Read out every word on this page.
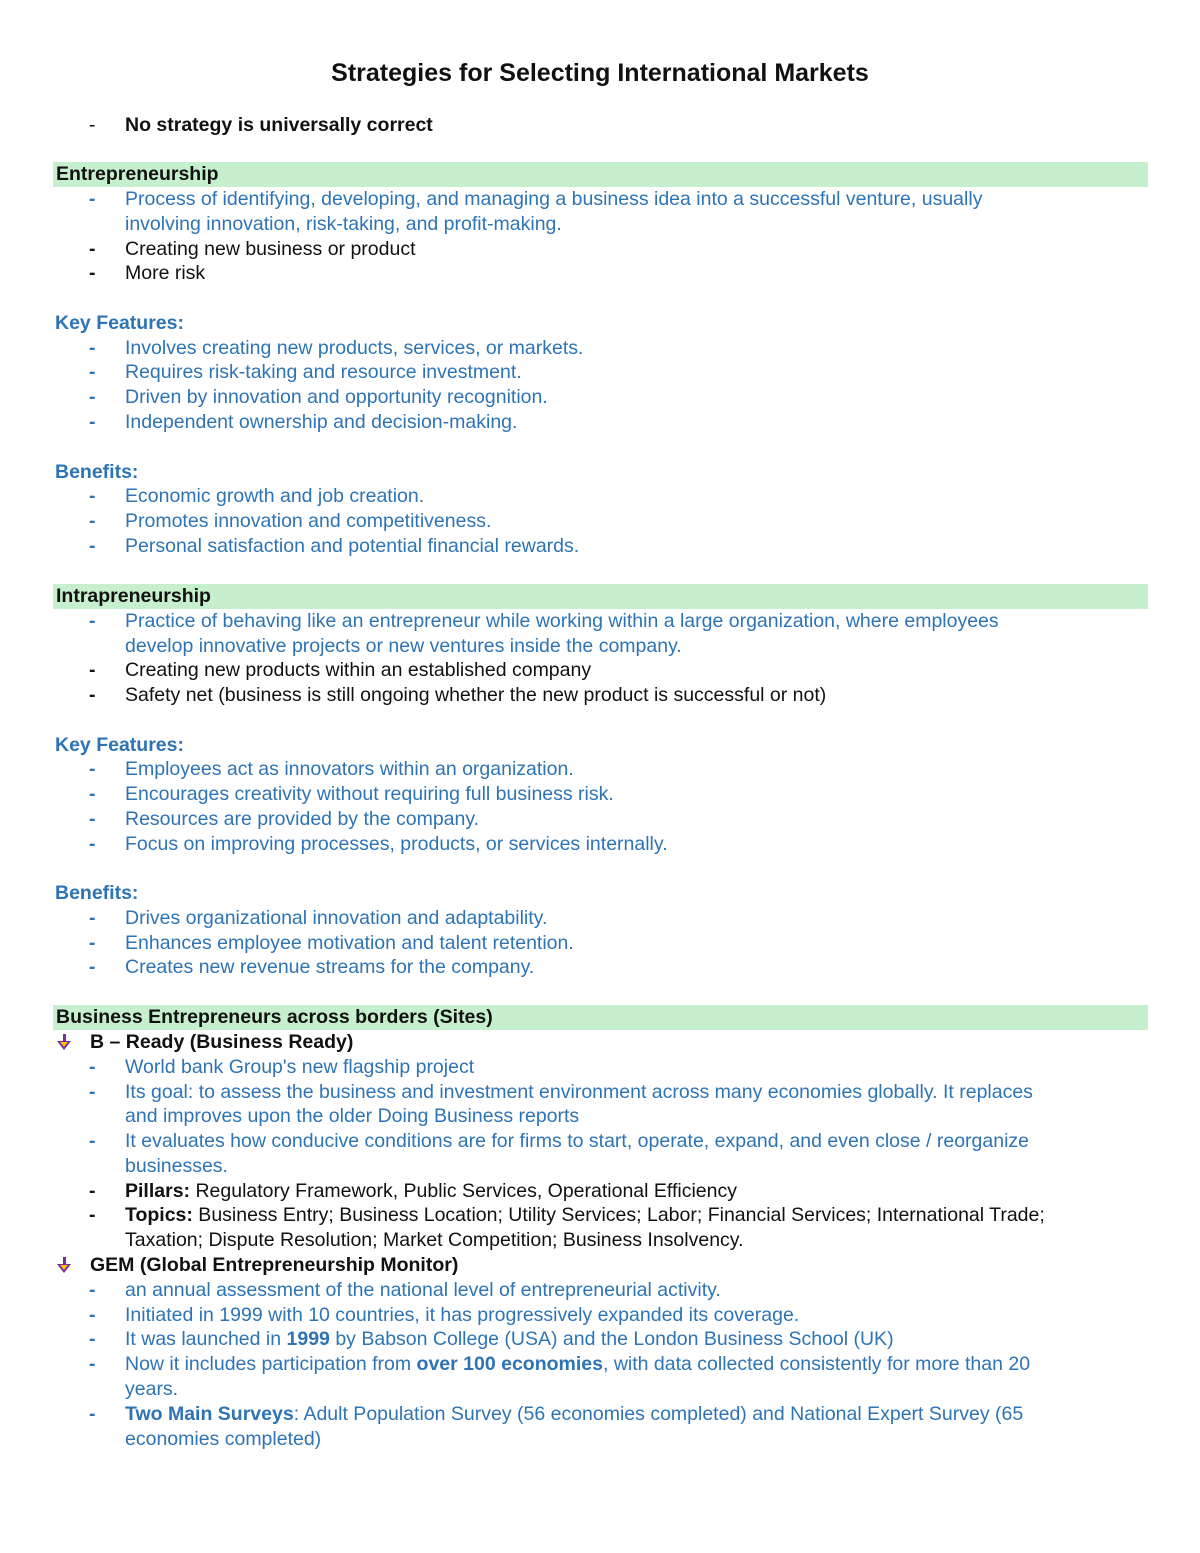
Strategies for Selecting International Markets
- No strategy is universally correct
Entrepreneurship
- Process of identifying, developing, and managing a business idea into a successful venture, usually
involving innovation, risk-taking, and profit-making.
- Creating new business or product
- More risk
Key Features:
- Involves creating new products, services, or markets.
- Requires risk-taking and resource investment.
- Driven by innovation and opportunity recognition.
- Independent ownership and decision-making.
Benefits:
- Economic growth and job creation.
- Promotes innovation and competitiveness.
- Personal satisfaction and potential financial rewards.
Intrapreneurship
- Practice of behaving like an entrepreneur while working within a large organization, where employees
develop innovative projects or new ventures inside the company.
- Creating new products within an established company
- Safety net (business is still ongoing whether the new product is successful or not)
Key Features:
- Employees act as innovators within an organization.
- Encourages creativity without requiring full business risk.
- Resources are provided by the company.
- Focus on improving processes, products, or services internally.
Benefits:
- Drives organizational innovation and adaptability.
- Enhances employee motivation and talent retention.
- Creates new revenue streams for the company.
Business Entrepreneurs across borders (Sites)
B – Ready (Business Ready)
- World bank Group's new flagship project
- Its goal: to assess the business and investment environment across many economies globally. It replaces
and improves upon the older Doing Business reports
- It evaluates how conducive conditions are for firms to start, operate, expand, and even close / reorganize
businesses.
- Pillars: Regulatory Framework, Public Services, Operational Efficiency
- Topics: Business Entry; Business Location; Utility Services; Labor; Financial Services; International Trade;
Taxation; Dispute Resolution; Market Competition; Business Insolvency.
GEM (Global Entrepreneurship Monitor)
- an annual assessment of the national level of entrepreneurial activity.
- Initiated in 1999 with 10 countries, it has progressively expanded its coverage.
- It was launched in 1999 by Babson College (USA) and the London Business School (UK)
- Now it includes participation from over 100 economies, with data collected consistently for more than 20
years.
- Two Main Surveys: Adult Population Survey (56 economies completed) and National Expert Survey (65
economies completed)
